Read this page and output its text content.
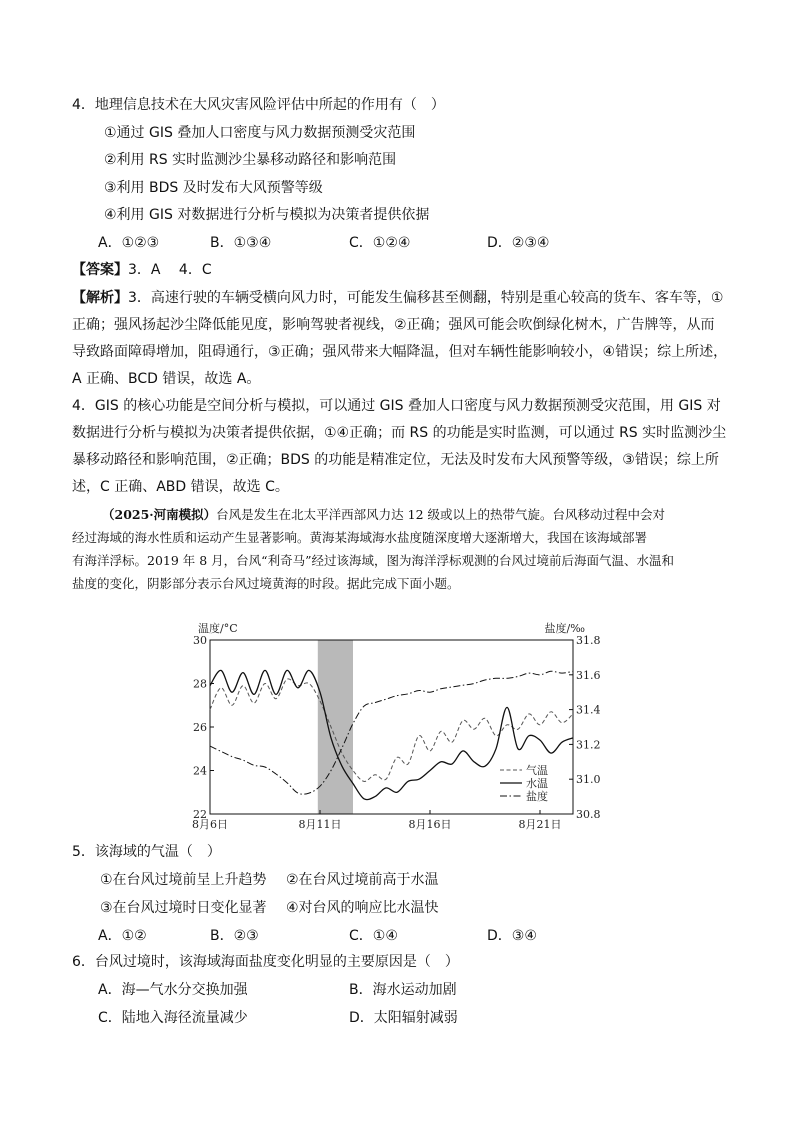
4．地理信息技术在大风灾害风险评估中所起的作用有（　）
①通过 GIS 叠加人口密度与风力数据预测受灾范围
②利用 RS 实时监测沙尘暴移动路径和影响范围
③利用 BDS 及时发布大风预警等级
④利用 GIS 对数据进行分析与模拟为决策者提供依据
A．①②③	B．①③④	C．①②④	D．②③④
【答案】3．A　 4．C
【解析】3．高速行驶的车辆受横向风力时，可能发生偏移甚至侧翻，特别是重心较高的货车、客车等，①
正确；强风扬起沙尘降低能见度，影响驾驶者视线，②正确；强风可能会吹倒绿化树木，广告牌等，从而
导致路面障碍增加，阻碍通行，③正确；强风带来大幅降温，但对车辆性能影响较小，④错误；综上所述，
A 正确、BCD 错误，故选 A。
4．GIS 的核心功能是空间分析与模拟，可以通过 GIS 叠加人口密度与风力数据预测受灾范围，用 GIS 对
数据进行分析与模拟为决策者提供依据，①④正确；而 RS 的功能是实时监测，可以通过 RS 实时监测沙尘
暴移动路径和影响范围，②正确；BDS 的功能是精准定位，无法及时发布大风预警等级，③错误；综上所
述，C 正确、ABD 错误，故选 C。
（2025·河南模拟）台风是发生在北太平洋西部风力达 12 级或以上的热带气旋。台风移动过程中会对
经过海域的海水性质和运动产生显著影响。黄海某海域海水盐度随深度增大逐渐增大，我国在该海域部署
有海洋浮标。2019 年 8 月，台风“利奇马”经过该海域，图为海洋浮标观测的台风过境前后海面气温、水温和
盐度的变化，阴影部分表示台风过境黄海的时段。据此完成下面小题。
温度/°C	盐度/‰
22
24
26
28
30
30.8
31.0
31.2
31.4
31.6
31.8
8月6日	8月11日	8月16日	8月21日
气温
水温
盐度
5．该海域的气温（　）
①在台风过境前呈上升趋势 ②在台风过境前高于水温
③在台风过境时日变化显著 ④对台风的响应比水温快
A．①②	B．②③	C．①④	D．③④
6．台风过境时，该海域海面盐度变化明显的主要原因是（　）
A．海—气水分交换加强	B．海水运动加剧
C．陆地入海径流量减少	D．太阳辐射减弱
